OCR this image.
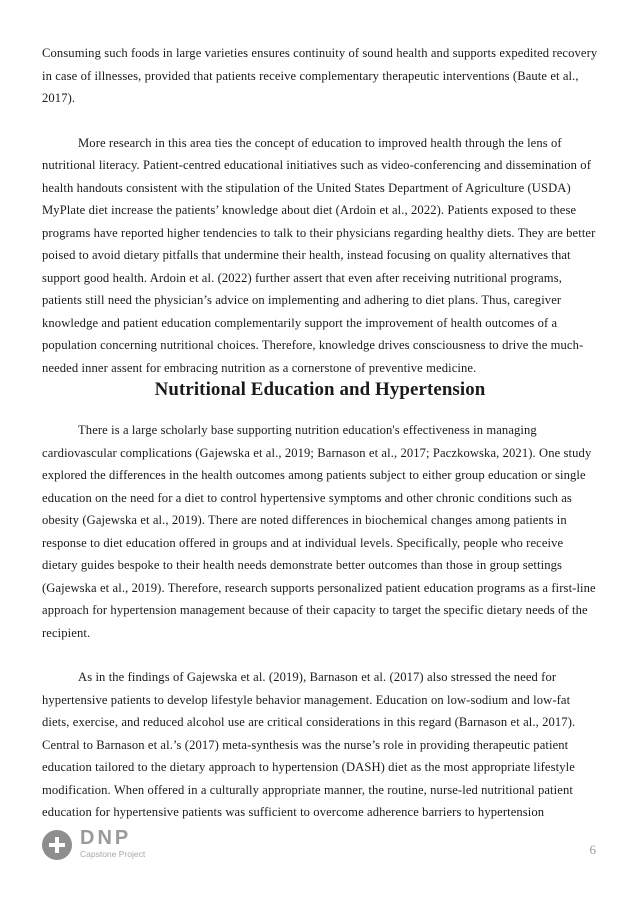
Consuming such foods in large varieties ensures continuity of sound health and supports expedited recovery in case of illnesses, provided that patients receive complementary therapeutic interventions (Baute et al., 2017).

More research in this area ties the concept of education to improved health through the lens of nutritional literacy. Patient-centred educational initiatives such as video-conferencing and dissemination of health handouts consistent with the stipulation of the United States Department of Agriculture (USDA) MyPlate diet increase the patients’ knowledge about diet (Ardoin et al., 2022). Patients exposed to these programs have reported higher tendencies to talk to their physicians regarding healthy diets. They are better poised to avoid dietary pitfalls that undermine their health, instead focusing on quality alternatives that support good health. Ardoin et al. (2022) further assert that even after receiving nutritional programs, patients still need the physician’s advice on implementing and adhering to diet plans. Thus, caregiver knowledge and patient education complementarily support the improvement of health outcomes of a population concerning nutritional choices. Therefore, knowledge drives consciousness to drive the much-needed inner assent for embracing nutrition as a cornerstone of preventive medicine.

Nutritional Education and Hypertension

There is a large scholarly base supporting nutrition education's effectiveness in managing cardiovascular complications (Gajewska et al., 2019; Barnason et al., 2017; Paczkowska, 2021). One study explored the differences in the health outcomes among patients subject to either group education or single education on the need for a diet to control hypertensive symptoms and other chronic conditions such as obesity (Gajewska et al., 2019). There are noted differences in biochemical changes among patients in response to diet education offered in groups and at individual levels. Specifically, people who receive dietary guides bespoke to their health needs demonstrate better outcomes than those in group settings (Gajewska et al., 2019). Therefore, research supports personalized patient education programs as a first-line approach for hypertension management because of their capacity to target the specific dietary needs of the recipient.

As in the findings of Gajewska et al. (2019), Barnason et al. (2017) also stressed the need for hypertensive patients to develop lifestyle behavior management. Education on low-sodium and low-fat diets, exercise, and reduced alcohol use are critical considerations in this regard (Barnason et al., 2017). Central to Barnason et al.’s (2017) meta-synthesis was the nurse’s role in providing therapeutic patient education tailored to the dietary approach to hypertension (DASH) diet as the most appropriate lifestyle modification. When offered in a culturally appropriate manner, the routine, nurse-led nutritional patient education for hypertensive patients was sufficient to overcome adherence barriers to hypertension

DNP
Capstone Project	6
